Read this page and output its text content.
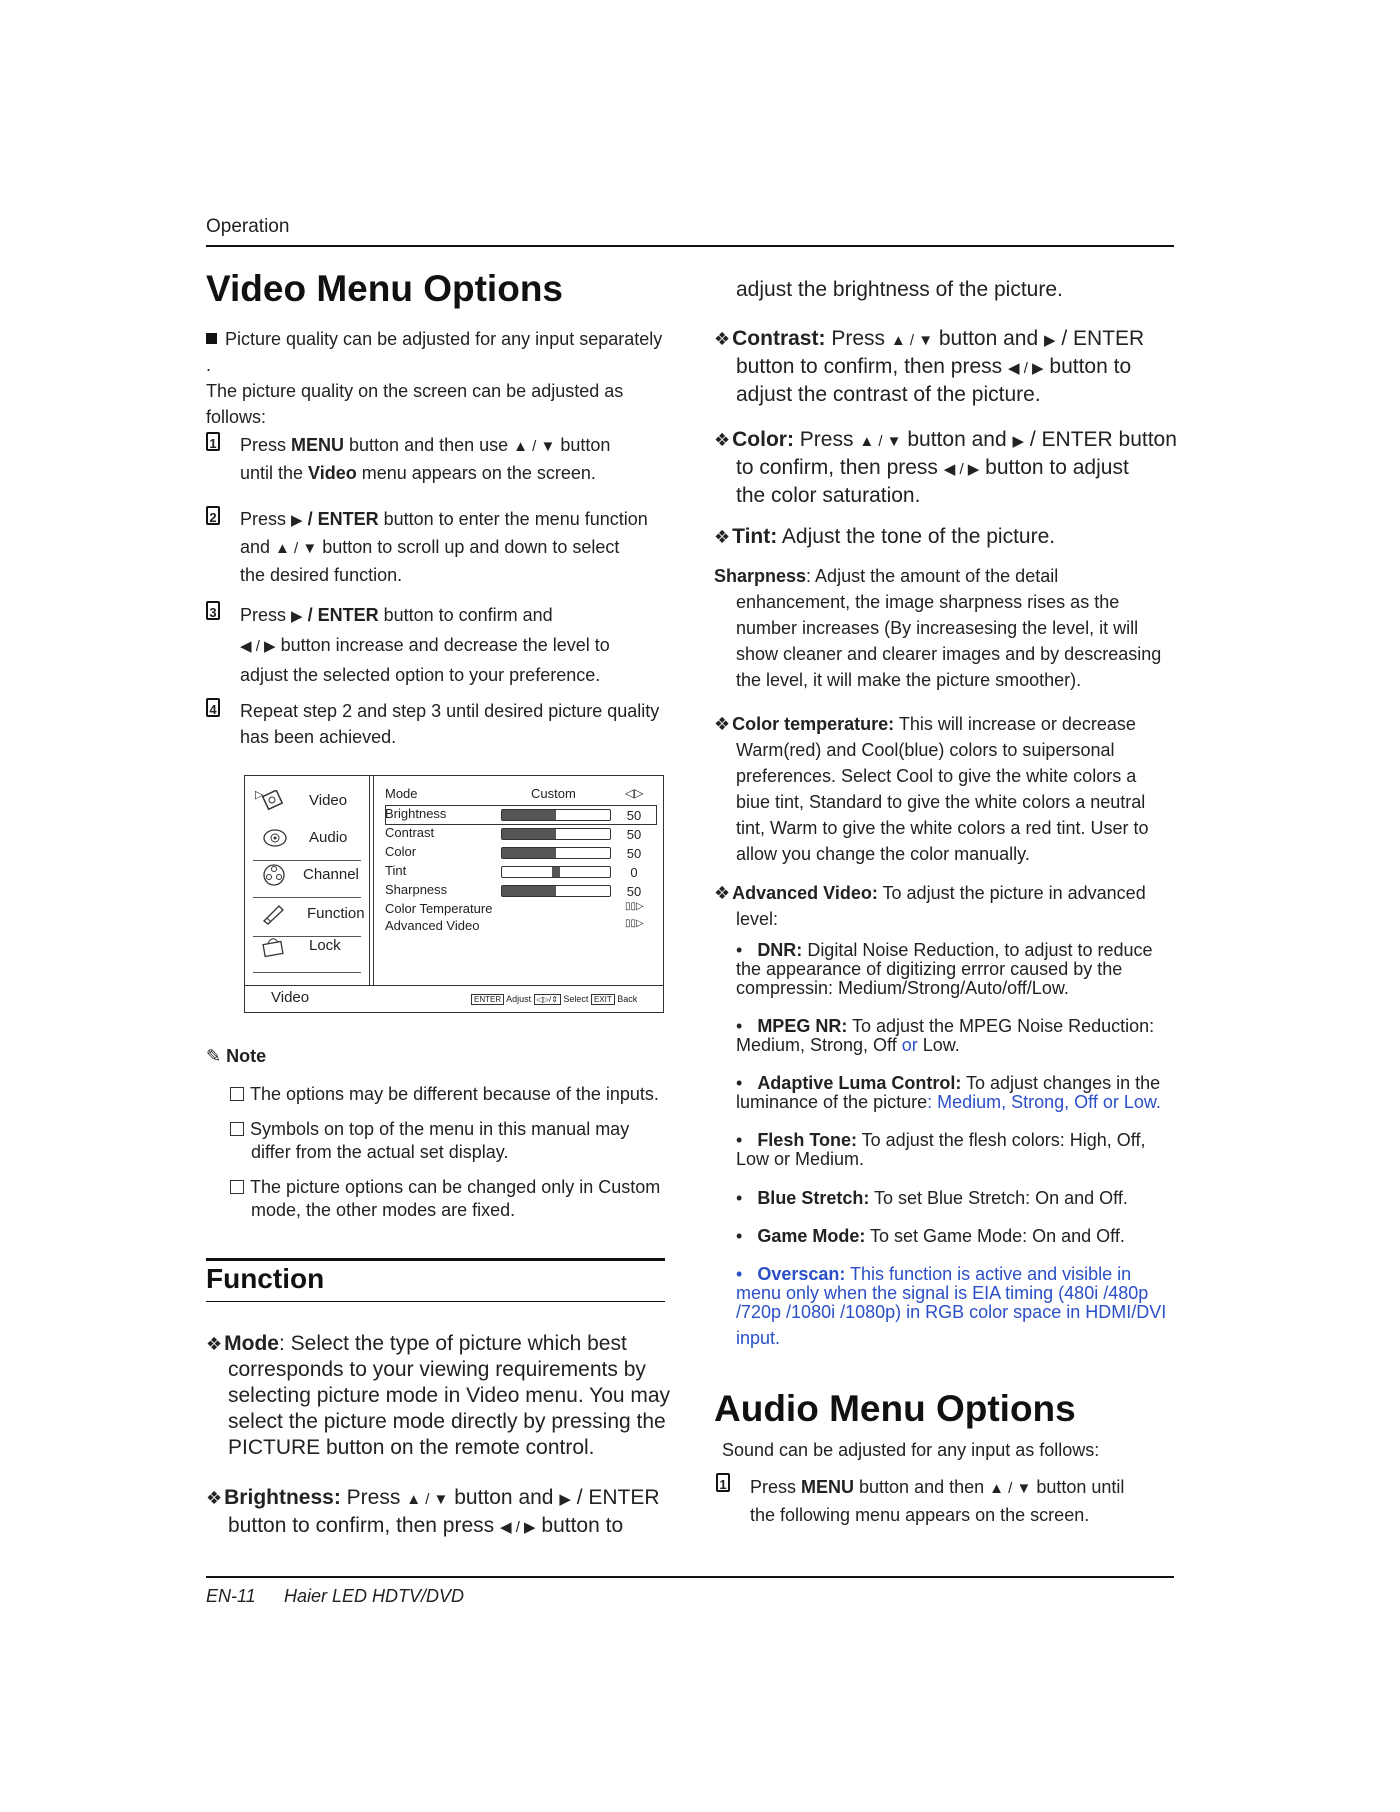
Operation
Video Menu Options
Picture quality can be adjusted for any input separately .
The picture quality on the screen can be adjusted as follows:
1 Press MENU button and then use ▲ / ▼ button
until the Video menu appears on the screen.
2 Press ▶ / ENTER button to enter the menu function
and ▲ / ▼ button to scroll up and down to select
the desired function.
3 Press ▶ / ENTER button to confirm and
◀ / ▶ button increase and decrease the level to
adjust the selected option to your preference.
4 Repeat step 2 and step 3 until desired picture quality
has been achieved.
▷	Video
Audio
Channel
Function
Lock
Mode	Custom	◁▷
Brightness	50
Contrast	50
Color	50
Tint	0
Sharpness	50
Color Temperature	▯▯▷
Advanced Video	▯▯▷
Video	ENTER Adjust ◁▷/⇕ Select EXIT Back
✎ Note
The options may be different because of the inputs.
Symbols on top of the menu in this manual may differ from the actual set display.
The picture options can be changed only in Custom mode, the other modes are fixed.
Function
❖Mode: Select the type of picture which best corresponds to your viewing requirements by selecting picture mode in Video menu. You may select the picture mode directly by pressing the PICTURE button on the remote control.
❖Brightness: Press ▲ / ▼ button and ▶ / ENTER
button to confirm, then press ◀ / ▶ button to
adjust the brightness of the picture.
❖Contrast: Press ▲ / ▼ button and ▶ / ENTER
button to confirm, then press ◀ / ▶ button to
adjust the contrast of the picture.
❖Color: Press ▲ / ▼ button and ▶ / ENTER button
to confirm, then press ◀ / ▶ button to adjust
the color saturation.
❖Tint: Adjust the tone of the picture.
Sharpness: Adjust the amount of the detail
enhancement, the image sharpness rises as the
number increases (By increasesing the level, it will
show cleaner and clearer images and by descreasing
the level, it will make the picture smoother).
❖ Color temperature: This will increase or decrease
Warm(red) and Cool(blue) colors to suipersonal
preferences. Select Cool to give the white colors a
biue tint, Standard to give the white colors a neutral
tint, Warm to give the white colors a red tint. User to
allow you change the color manually.
❖ Advanced Video: To adjust the picture in advanced
level:
•   DNR: Digital Noise Reduction, to adjust to reduce the appearance of digitizing errror caused by the compressin: Medium/Strong/Auto/off/Low.
•   MPEG NR: To adjust the MPEG Noise Reduction: Medium, Strong, Off or Low.
•   Adaptive Luma Control: To adjust changes in the luminance of the picture: Medium, Strong, Off or Low.
•   Flesh Tone: To adjust the flesh colors: High, Off, Low or Medium.
•   Blue Stretch: To set Blue Stretch: On and Off.
•   Game Mode: To set Game Mode: On and Off.
•   Overscan: This function is active and visible in menu only when the signal is EIA timing (480i /480p /720p /1080i /1080p) in RGB color space in HDMI/DVI
input.
Audio Menu Options
Sound can be adjusted for any input as follows:
1 Press MENU button and then ▲ / ▼ button until
the following menu appears on the screen.
EN-11 Haier LED HDTV/DVD
